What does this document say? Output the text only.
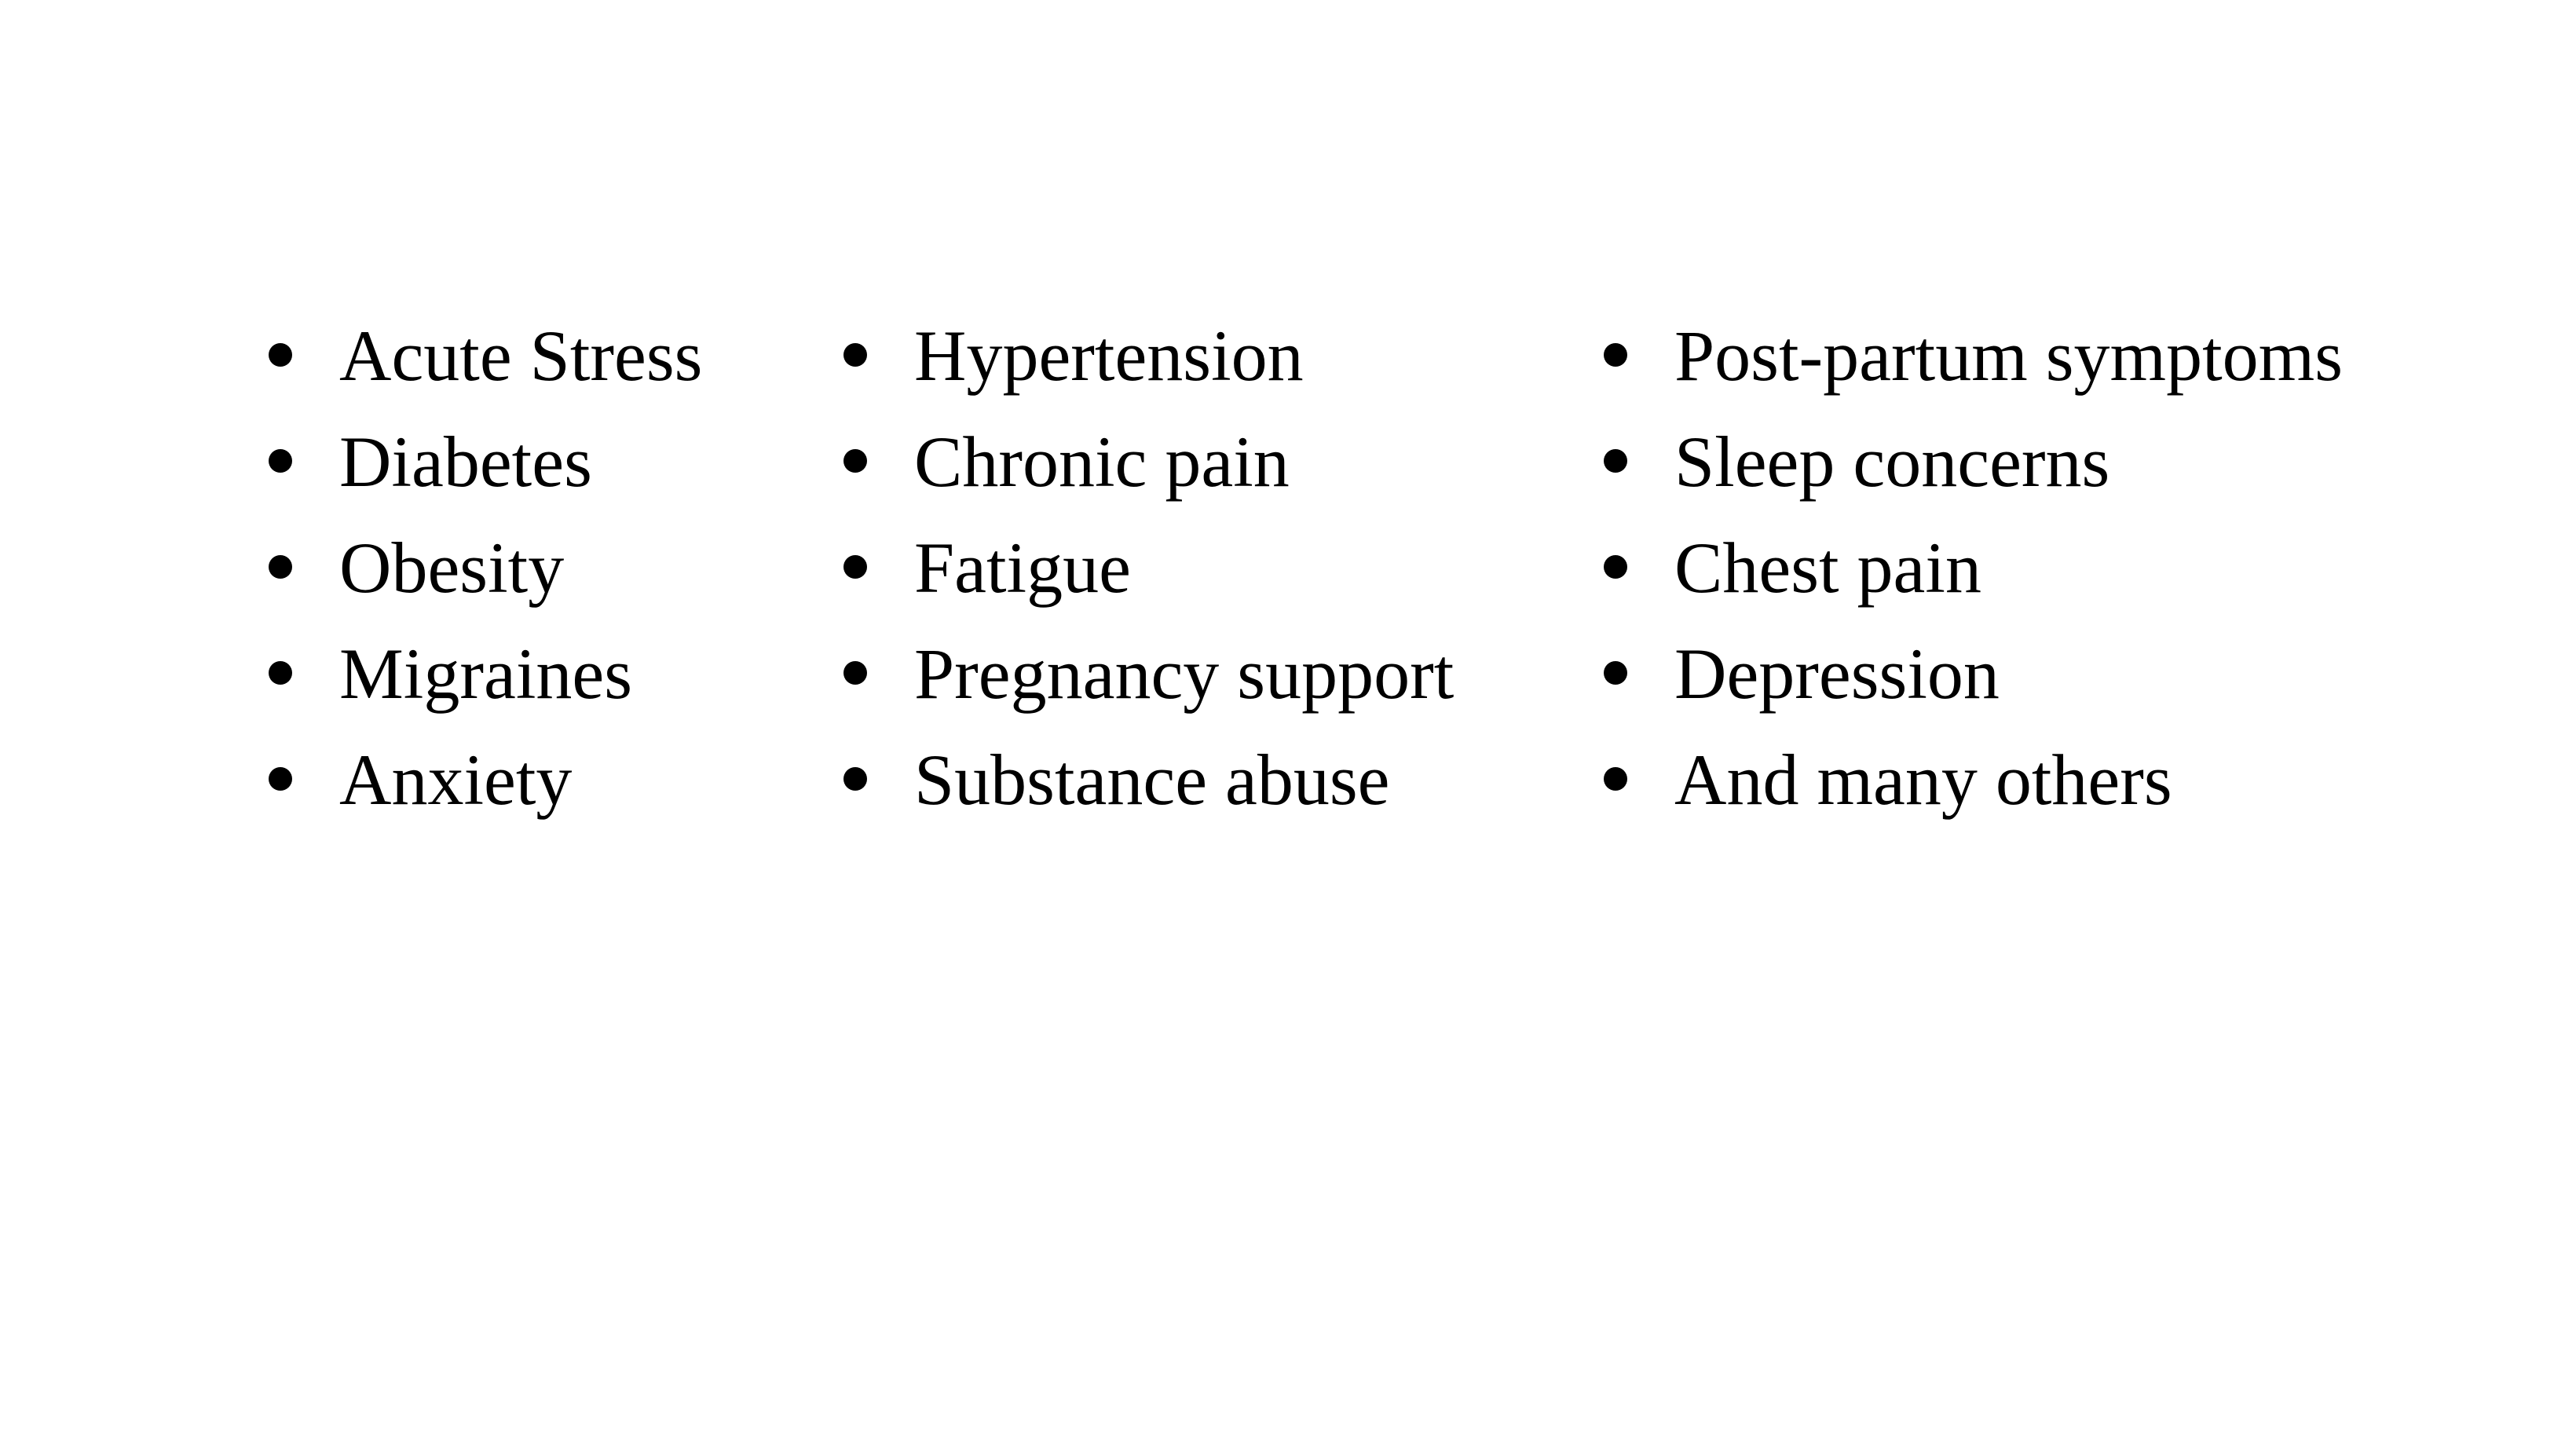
Acute Stress
Diabetes
Obesity
Migraines
Anxiety
Hypertension
Chronic pain
Fatigue
Pregnancy support
Substance abuse
Post-partum symptoms
Sleep concerns
Chest pain
Depression
And many others
